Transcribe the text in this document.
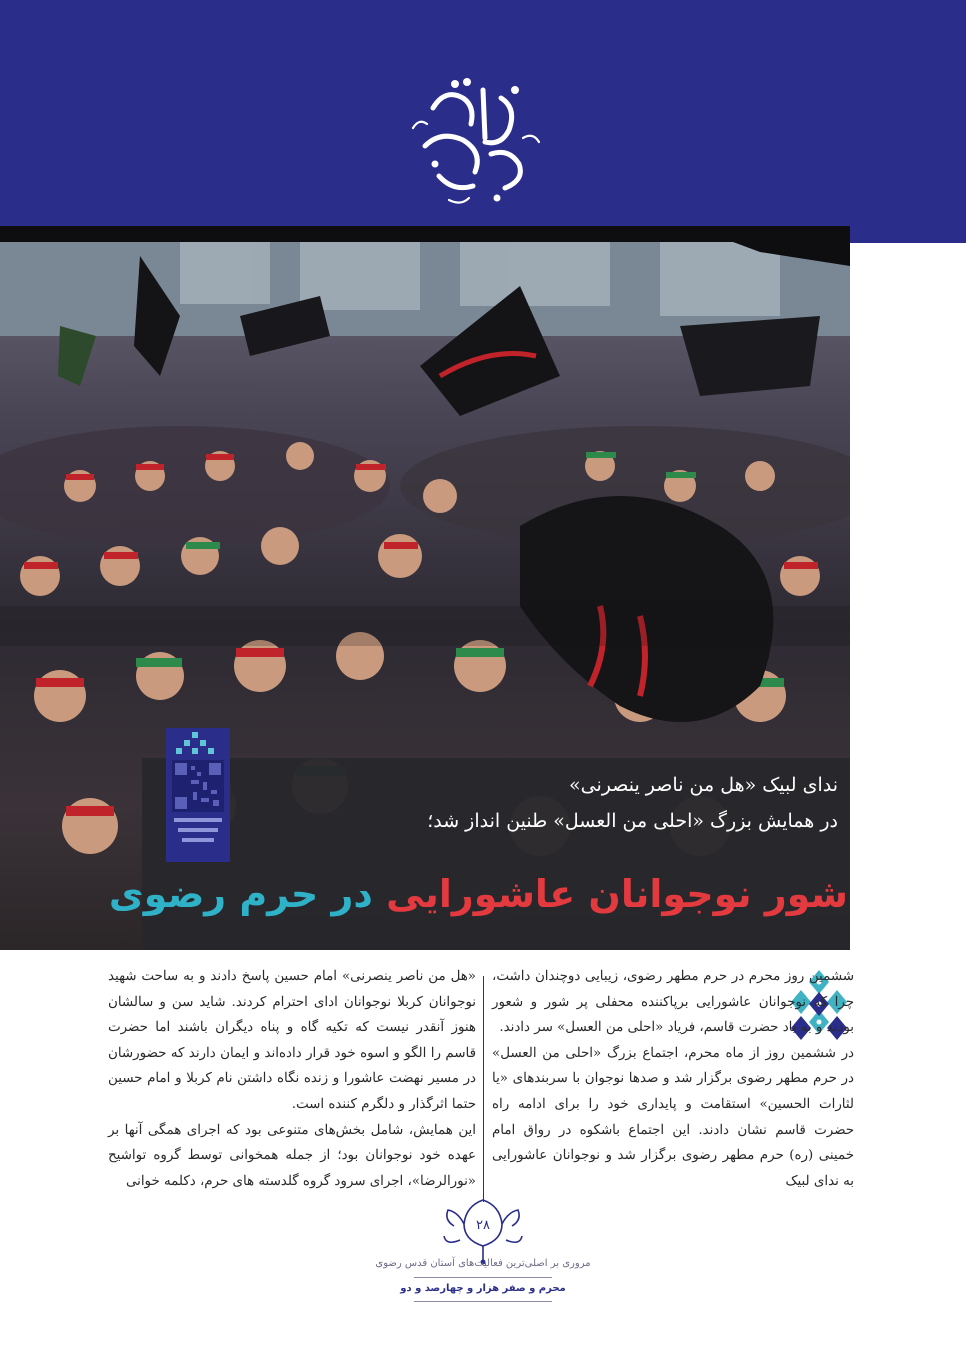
ندای لبیک «هل من ناصر ینصرنی»
در همایش بزرگ «احلی من العسل» طنین انداز شد؛
شور نوجوانان عاشورایی در حرم رضوی

ششمین روز محرم در حرم مطهر رضوی، زیبایی دوچندان داشت، چرا که نوجوانان عاشورایی برپاکننده محفلی پر شور و شعور بودند و به یاد حضرت قاسم، فریاد «احلی من العسل» سر دادند.

در ششمین روز از ماه محرم، اجتماع بزرگ «احلی من العسل» در حرم مطهر رضوی برگزار شد و صدها نوجوان با سربندهای «یا لثارات الحسین» استقامت و پایداری خود را برای ادامه راه حضرت قاسم نشان دادند. این اجتماع باشکوه در رواق امام خمینی (ره) حرم مطهر رضوی برگزار شد و نوجوانان عاشورایی به ندای لبیک

«هل من ناصر ینصرنی» امام حسین پاسخ دادند و به ساحت شهید نوجوانان کربلا نوجوانان ادای احترام کردند. شاید سن و سالشان هنوز آنقدر نیست که تکیه گاه و پناه دیگران باشند اما حضرت قاسم را الگو و اسوه خود قرار داده‌اند و ایمان دارند که حضورشان در مسیر نهضت عاشورا و زنده نگاه داشتن نام کربلا و امام حسین حتما اثرگذار و دلگرم کننده است.

این همایش، شامل بخش‌های متنوعی بود که اجرای همگی آنها بر عهده خود نوجوانان بود؛ از جمله همخوانی توسط گروه تواشیح «نورالرضا»، اجرای سرود گروه گلدسته های حرم، دکلمه خوانی

۲۸
مروری بر اصلی‌ترین فعالیت‌های آستان قدس رضوی
محرم و صفر هزار و چهارصد و دو
